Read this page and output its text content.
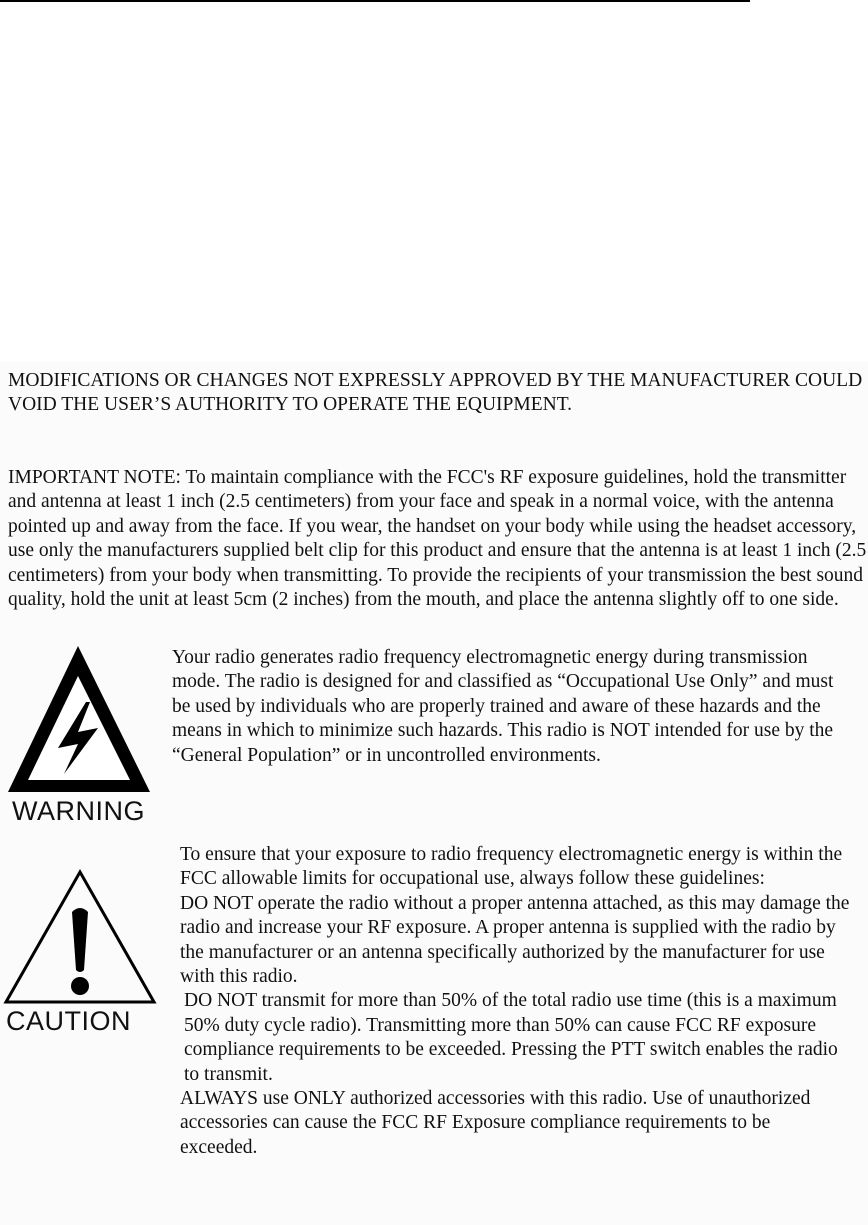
MODIFICATIONS OR CHANGES NOT EXPRESSLY APPROVED BY THE MANUFACTURER COULD VOID THE USER’S AUTHORITY TO OPERATE THE EQUIPMENT.

IMPORTANT NOTE: To maintain compliance with the FCC's RF exposure guidelines, hold the transmitter and antenna at least 1 inch (2.5 centimeters) from your face and speak in a normal voice, with the antenna pointed up and away from the face. If you wear, the handset on your body while using the headset accessory, use only the manufacturers supplied belt clip for this product and ensure that the antenna is at least 1 inch (2.5 centimeters) from your body when transmitting. To provide the recipients of your transmission the best sound quality, hold the unit at least 5cm (2 inches) from the mouth, and place the antenna slightly off to one side.

WARNING

Your radio generates radio frequency electromagnetic energy during transmission mode. The radio is designed for and classified as “Occupational Use Only” and must be used by individuals who are properly trained and aware of these hazards and the means in which to minimize such hazards. This radio is NOT intended for use by the “General Population” or in uncontrolled environments.

CAUTION
To ensure that your exposure to radio frequency electromagnetic energy is within the FCC allowable limits for occupational use, always follow these guidelines:
DO NOT operate the radio without a proper antenna attached, as this may damage the radio and increase your RF exposure. A proper antenna is supplied with the radio by the manufacturer or an antenna specifically authorized by the manufacturer for use with this radio.
DO NOT transmit for more than 50% of the total radio use time (this is a maximum 50% duty cycle radio). Transmitting more than 50% can cause FCC RF exposure compliance requirements to be exceeded. Pressing the PTT switch enables the radio to transmit.
ALWAYS use ONLY authorized accessories with this radio. Use of unauthorized accessories can cause the FCC RF Exposure compliance requirements to be exceeded.
